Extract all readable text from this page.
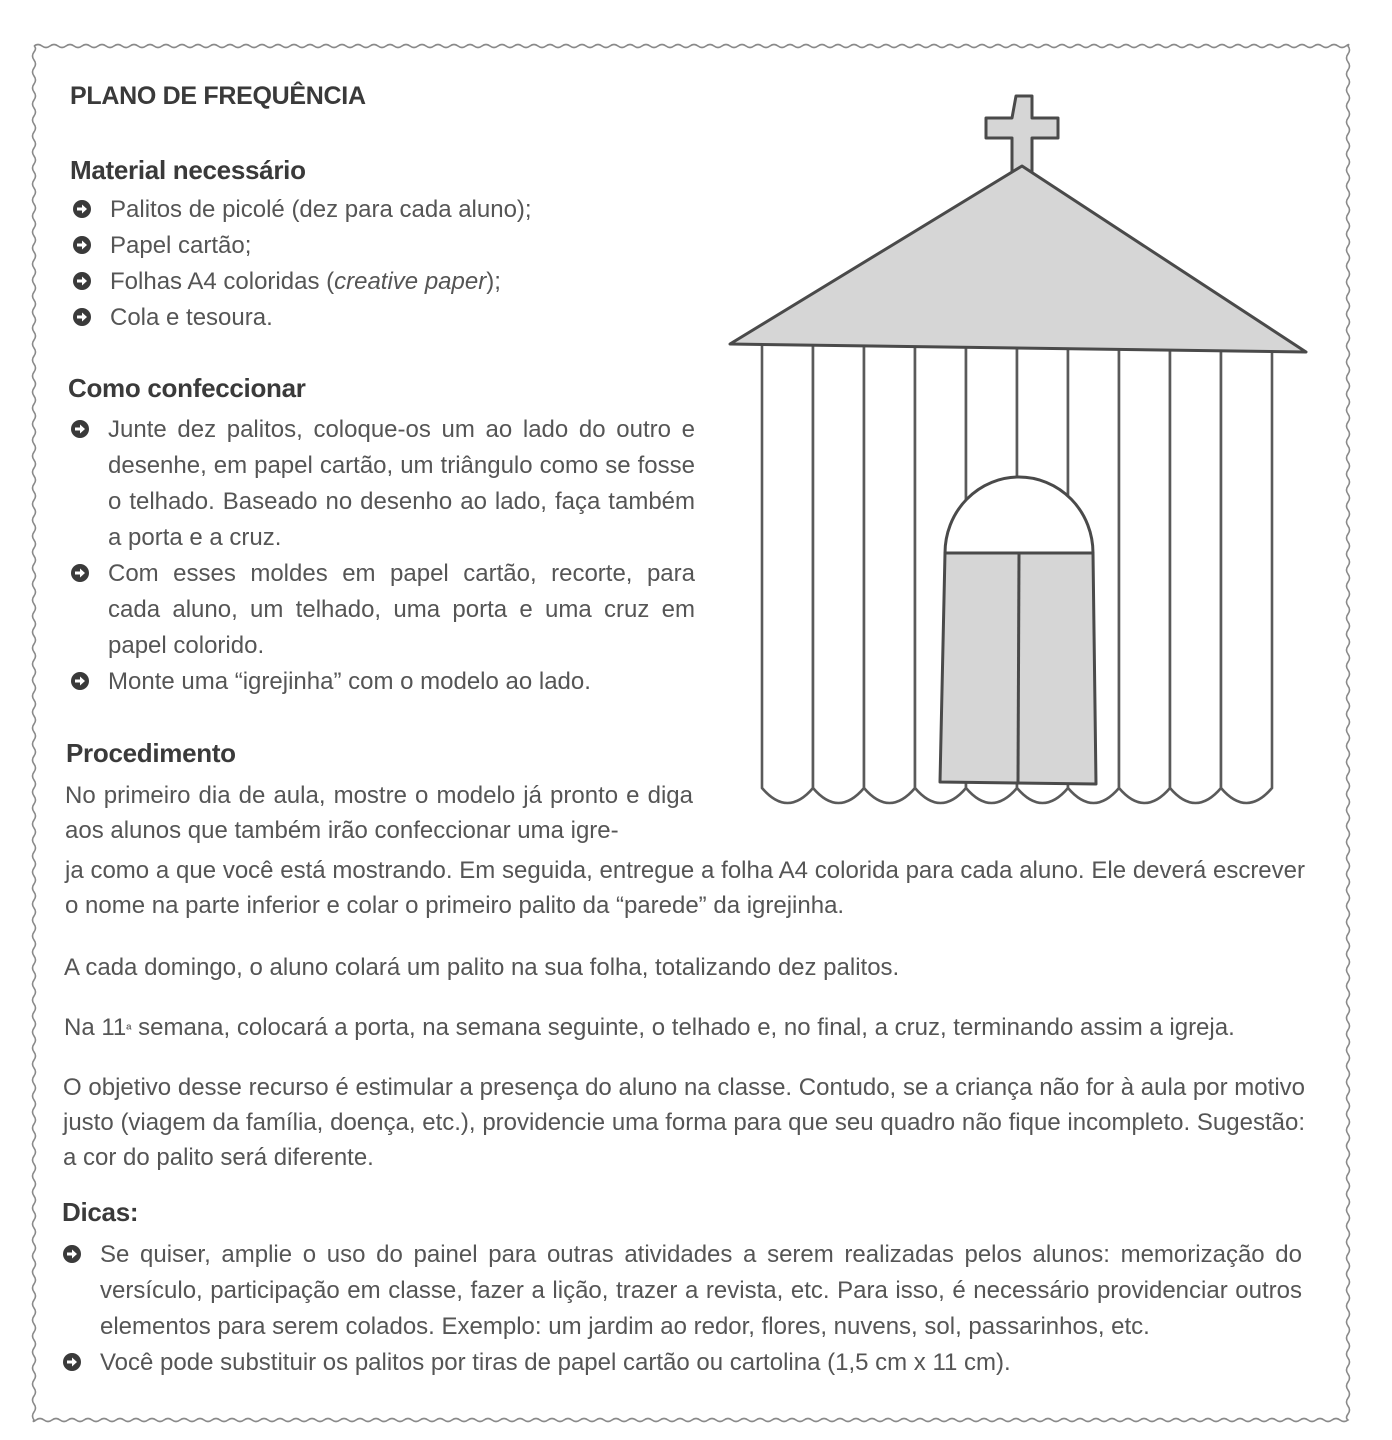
PLANO DE FREQUÊNCIA
Material necessário
Palitos de picolé (dez para cada aluno);
Papel cartão;
Folhas A4 coloridas (creative paper);
Cola e tesoura.
Como confeccionar
Junte dez palitos, coloque-os um ao lado do outro e desenhe, em papel cartão, um triângulo como se fosse o telhado. Baseado no desenho ao lado, faça também a porta e a cruz.
Com esses moldes em papel cartão, recorte, para cada aluno, um telhado, uma porta e uma cruz em papel colorido.
Monte uma “igrejinha” com o modelo ao lado.
Procedimento

No primeiro dia de aula, mostre o modelo já pronto e diga aos alunos que também irão confeccionar uma igre-

ja como a que você está mostrando. Em seguida, entregue a folha A4 colorida para cada aluno. Ele deverá escrever o nome na parte inferior e colar o primeiro palito da “parede” da igrejinha.

A cada domingo, o aluno colará um palito na sua folha, totalizando dez palitos.

Na $11^ª$ semana, colocará a porta, na semana seguinte, o telhado e, no final, a cruz, terminando assim a igreja.

O objetivo desse recurso é estimular a presença do aluno na classe. Contudo, se a criança não for à aula por motivo justo (viagem da família, doença, etc.), providencie uma forma para que seu quadro não fique incompleto. Sugestão: a cor do palito será diferente.

Dicas:
Se quiser, amplie o uso do painel para outras atividades a serem realizadas pelos alunos: memorização do versículo, participação em classe, fazer a lição, trazer a revista, etc. Para isso, é necessário providenciar outros elementos para serem colados. Exemplo: um jardim ao redor, flores, nuvens, sol, passarinhos, etc.
Você pode substituir os palitos por tiras de papel cartão ou cartolina (1,5 cm x 11 cm).
